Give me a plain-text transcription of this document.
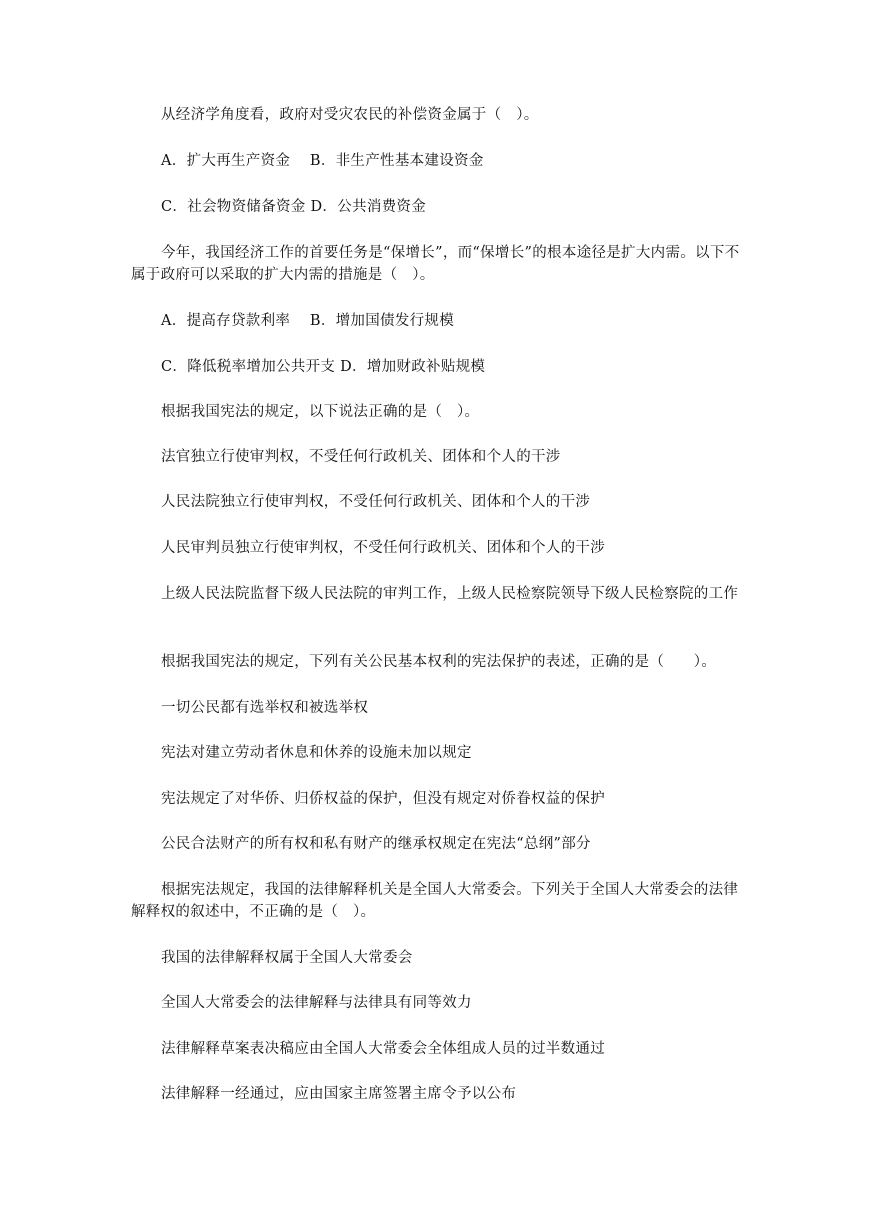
从经济学角度看，政府对受灾农民的补偿资金属于（　）。

A．扩大再生产资金　 B．非生产性基本建设资金

C．社会物资储备资金 D．公共消费资金

今年，我国经济工作的首要任务是“保增长”，而“保增长”的根本途径是扩大内需。以下不属于政府可以采取的扩大内需的措施是（　）。

A．提高存贷款利率　 B．增加国债发行规模

C．降低税率增加公共开支 D．增加财政补贴规模

根据我国宪法的规定，以下说法正确的是（　）。

法官独立行使审判权，不受任何行政机关、团体和个人的干涉

人民法院独立行使审判权，不受任何行政机关、团体和个人的干涉

人民审判员独立行使审判权，不受任何行政机关、团体和个人的干涉

上级人民法院监督下级人民法院的审判工作，上级人民检察院领导下级人民检察院的工作

根据我国宪法的规定，下列有关公民基本权利的宪法保护的表述，正确的是（　　）。

一切公民都有选举权和被选举权

宪法对建立劳动者休息和休养的设施未加以规定

宪法规定了对华侨、归侨权益的保护，但没有规定对侨眷权益的保护

公民合法财产的所有权和私有财产的继承权规定在宪法“总纲”部分

根据宪法规定，我国的法律解释机关是全国人大常委会。下列关于全国人大常委会的法律解释权的叙述中，不正确的是（　）。

我国的法律解释权属于全国人大常委会

全国人大常委会的法律解释与法律具有同等效力

法律解释草案表决稿应由全国人大常委会全体组成人员的过半数通过

法律解释一经通过，应由国家主席签署主席令予以公布
